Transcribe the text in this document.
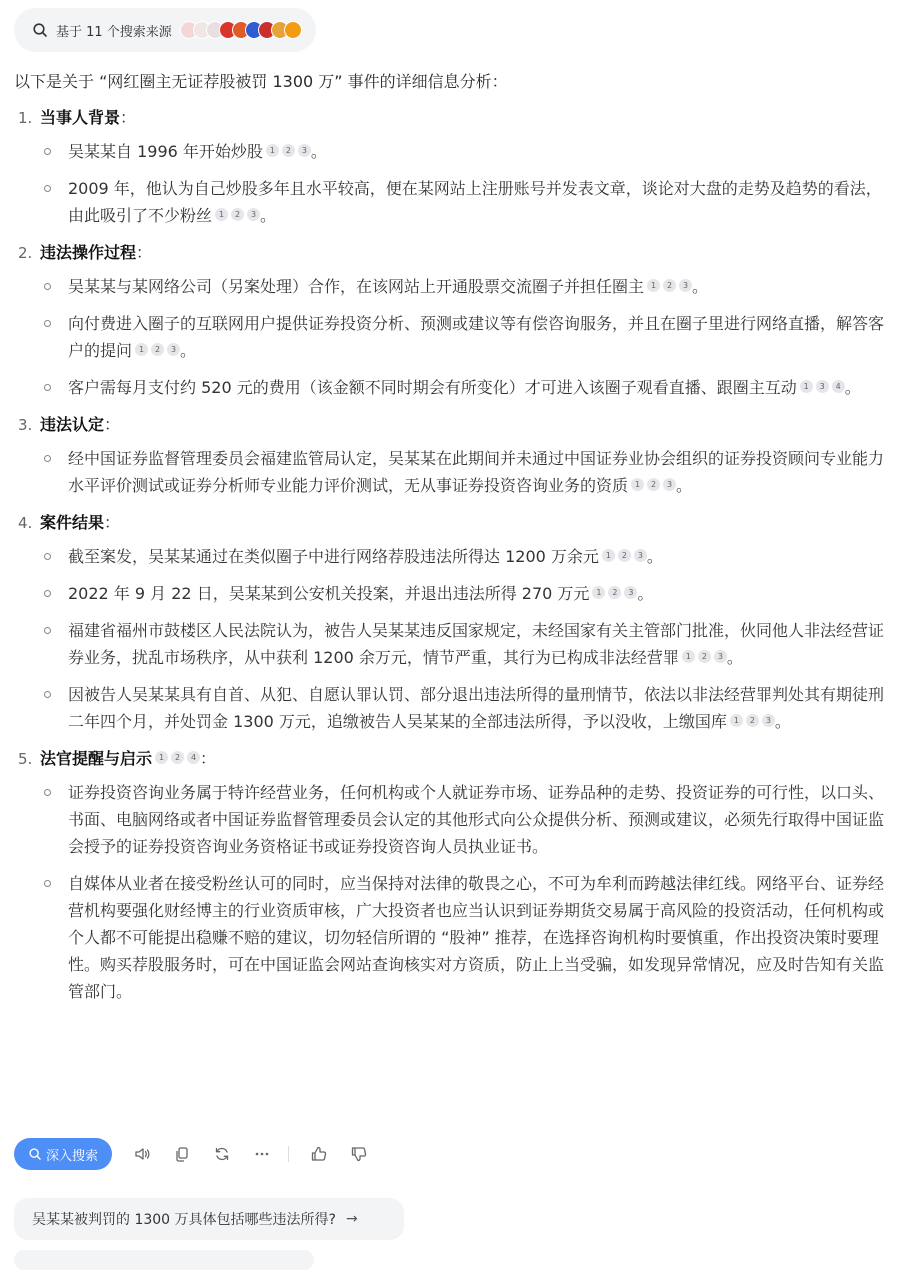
基于 11 个搜索来源
以下是关于 “网红圈主无证荐股被罚 1300 万” 事件的详细信息分析：
1. 当事人背景：
吴某某自 1996 年开始炒股 1 2 3 。
2009 年，他认为自己炒股多年且水平较高，便在某网站上注册账号并发表文章，谈论对大盘的走势及趋势的看法，由此吸引了不少粉丝 1 2 3 。
2. 违法操作过程：
吴某某与某网络公司（另案处理）合作，在该网站上开通股票交流圈子并担任圈主 1 2 3 。
向付费进入圈子的互联网用户提供证券投资分析、预测或建议等有偿咨询服务，并且在圈子里进行网络直播，解答客户的提问 1 2 3 。
客户需每月支付约 520 元的费用（该金额不同时期会有所变化）才可进入该圈子观看直播、跟圈主互动 1 3 4 。
3. 违法认定：
经中国证券监督管理委员会福建监管局认定，吴某某在此期间并未通过中国证券业协会组织的证券投资顾问专业能力水平评价测试或证券分析师专业能力评价测试，无从事证券投资咨询业务的资质 1 2 3 。
4. 案件结果：
截至案发，吴某某通过在类似圈子中进行网络荐股违法所得达 1200 万余元 1 2 3 。
2022 年 9 月 22 日，吴某某到公安机关投案，并退出违法所得 270 万元 1 2 3 。
福建省福州市鼓楼区人民法院认为，被告人吴某某违反国家规定，未经国家有关主管部门批准，伙同他人非法经营证券业务，扰乱市场秩序，从中获利 1200 余万元，情节严重，其行为已构成非法经营罪 1 2 3 。
因被告人吴某某具有自首、从犯、自愿认罪认罚、部分退出违法所得的量刑情节，依法以非法经营罪判处其有期徒刑二年四个月，并处罚金 1300 万元，追缴被告人吴某某的全部违法所得，予以没收，上缴国库 1 2 3 。
5. 法官提醒与启示 1 2 4 ：
证券投资咨询业务属于特许经营业务，任何机构或个人就证券市场、证券品种的走势、投资证券的可行性，以口头、书面、电脑网络或者中国证券监督管理委员会认定的其他形式向公众提供分析、预测或建议，必须先行取得中国证监会授予的证券投资咨询业务资格证书或证券投资咨询人员执业证书。
自媒体从业者在接受粉丝认可的同时，应当保持对法律的敬畏之心，不可为牟利而跨越法律红线。网络平台、证券经营机构要强化财经博主的行业资质审核，广大投资者也应当认识到证券期货交易属于高风险的投资活动，任何机构或个人都不可能提出稳赚不赔的建议，切勿轻信所谓的 “股神” 推荐，在选择咨询机构时要慎重，作出投资决策时要理性。购买荐股服务时，可在中国证监会网站查询核实对方资质，防止上当受骗，如发现异常情况，应及时告知有关监管部门。
深入搜索
吴某某被判罚的 1300 万具体包括哪些违法所得? →
